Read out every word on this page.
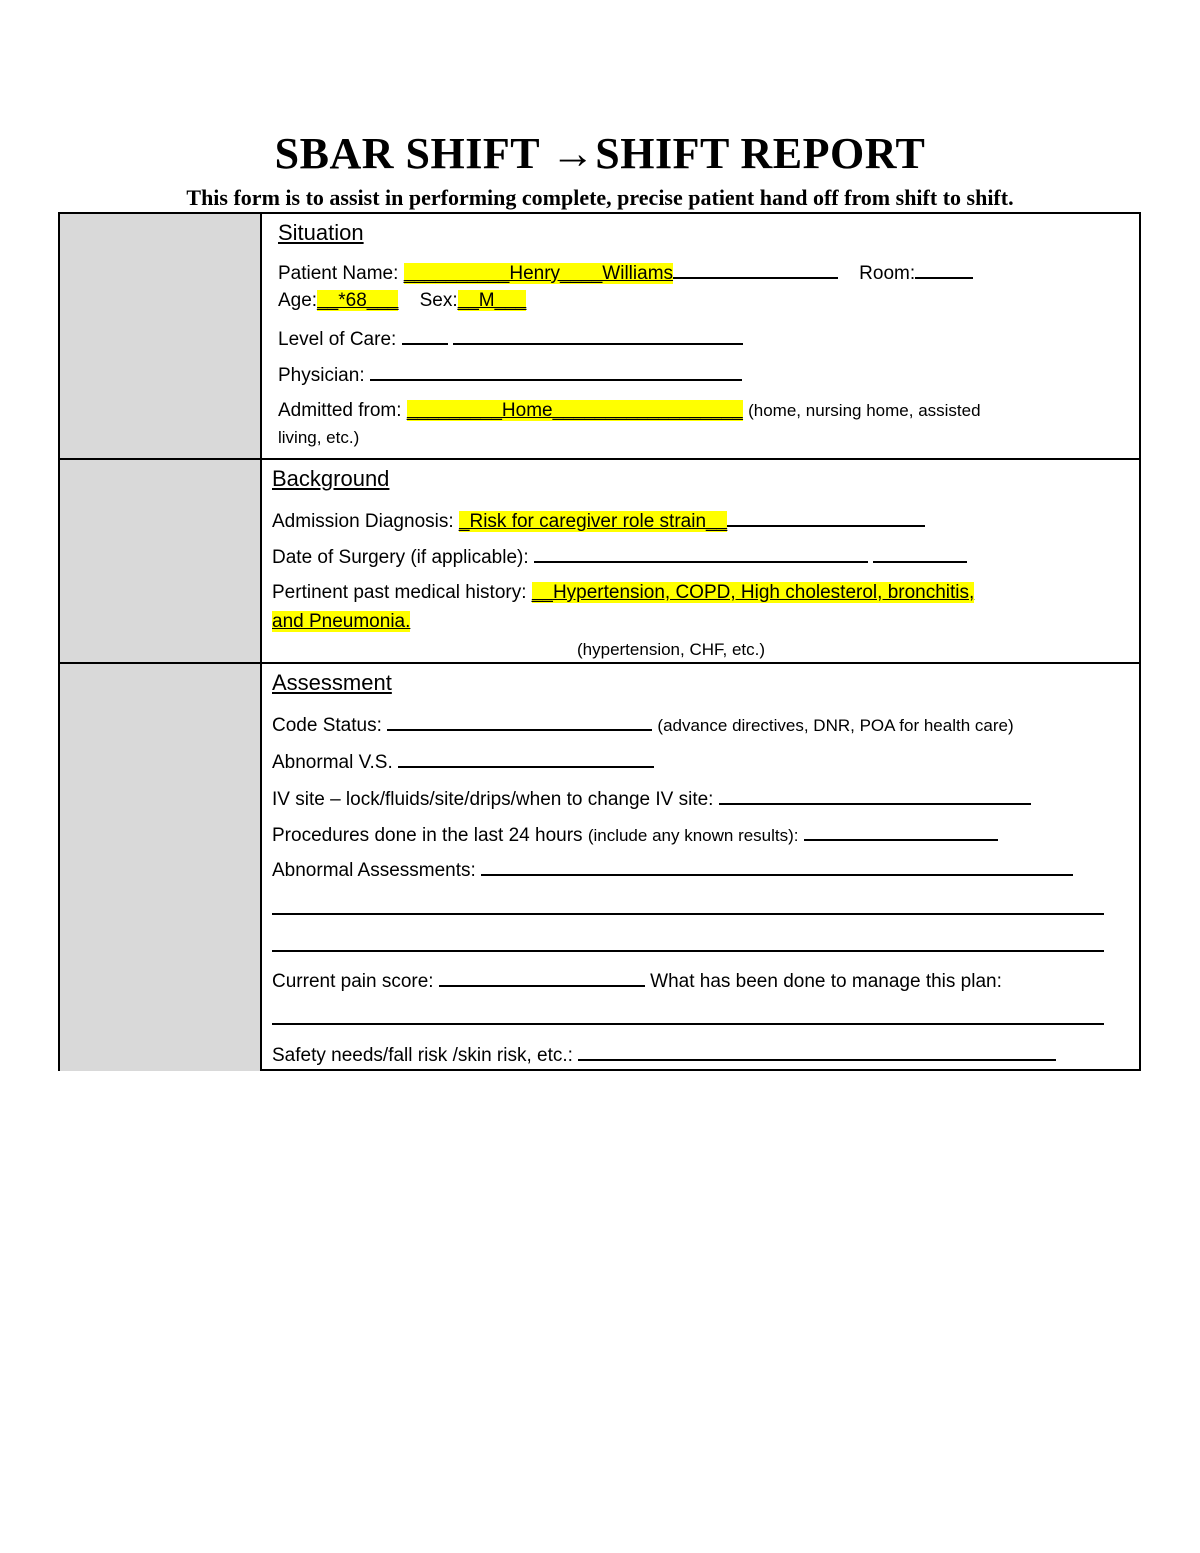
SBAR SHIFT →SHIFT REPORT
This form is to assist in performing complete, precise patient hand off from shift to shift.
Situation
Patient Name: __________Henry____Williams	Room:
Age:__*68___ Sex:__M___
Level of Care:
Physician:
Admitted from: _________Home__________________ (home, nursing home, assisted
living, etc.)
Background
Admission Diagnosis: _Risk for caregiver role strain__
Date of Surgery (if applicable):
Pertinent past medical history: __Hypertension, COPD, High cholesterol, bronchitis,
and Pneumonia.
(hypertension, CHF, etc.)
Assessment
Code Status:	(advance directives, DNR, POA for health care)
Abnormal V.S.
IV site – lock/fluids/site/drips/when to change IV site:
Procedures done in the last 24 hours (include any known results):
Abnormal Assessments:
Current pain score:	What has been done to manage this plan:
Safety needs/fall risk /skin risk, etc.:
